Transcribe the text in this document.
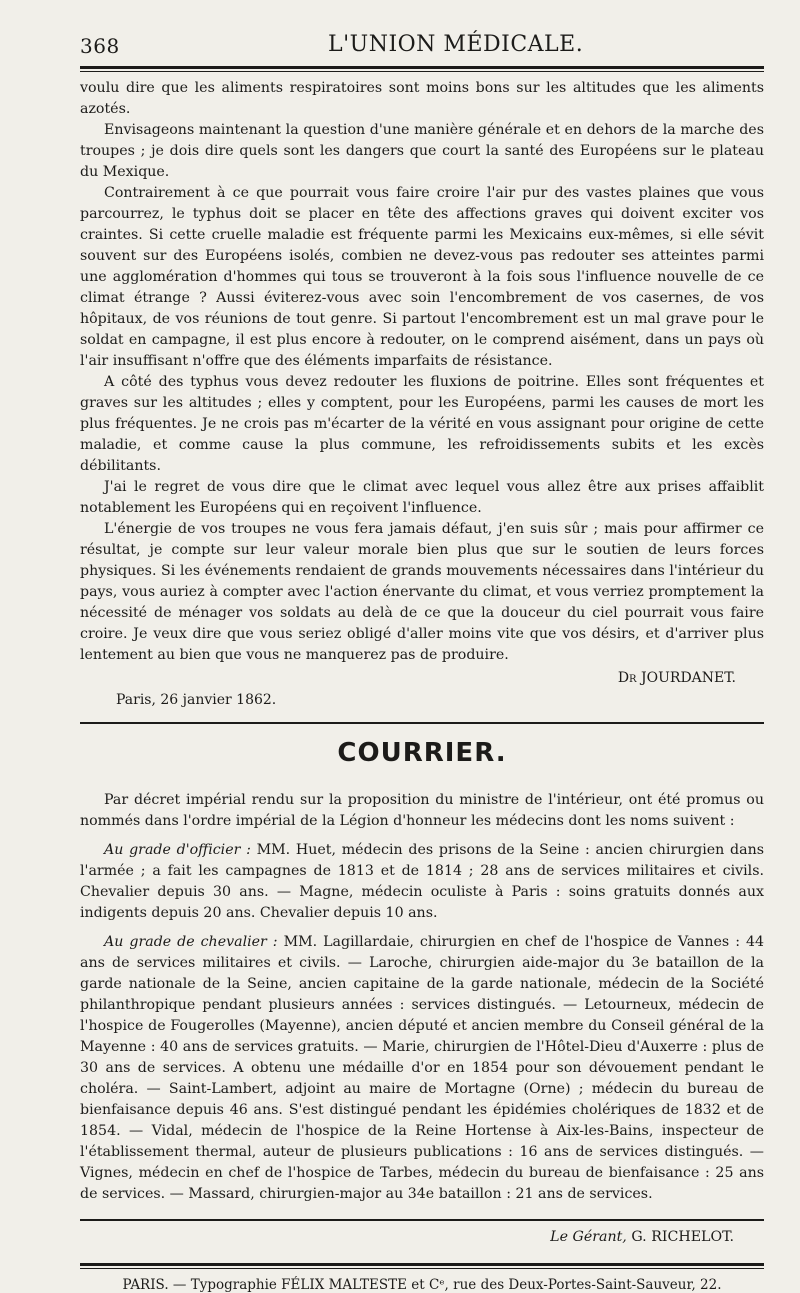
368	L'UNION MÉDICALE.

voulu dire que les aliments respiratoires sont moins bons sur les altitudes que les aliments azotés.

Envisageons maintenant la question d'une manière générale et en dehors de la marche des troupes ; je dois dire quels sont les dangers que court la santé des Européens sur le plateau du Mexique.

Contrairement à ce que pourrait vous faire croire l'air pur des vastes plaines que vous parcourrez, le typhus doit se placer en tête des affections graves qui doivent exciter vos craintes. Si cette cruelle maladie est fréquente parmi les Mexicains eux-mêmes, si elle sévit souvent sur des Européens isolés, combien ne devez-vous pas redouter ses atteintes parmi une agglomération d'hommes qui tous se trouveront à la fois sous l'influence nouvelle de ce climat étrange ? Aussi éviterez-vous avec soin l'encombrement de vos casernes, de vos hôpitaux, de vos réunions de tout genre. Si partout l'encombrement est un mal grave pour le soldat en campagne, il est plus encore à redouter, on le comprend aisément, dans un pays où l'air insuffisant n'offre que des éléments imparfaits de résistance.

A côté des typhus vous devez redouter les fluxions de poitrine. Elles sont fréquentes et graves sur les altitudes ; elles y comptent, pour les Européens, parmi les causes de mort les plus fréquentes. Je ne crois pas m'écarter de la vérité en vous assignant pour origine de cette maladie, et comme cause la plus commune, les refroidissements subits et les excès débilitants.

J'ai le regret de vous dire que le climat avec lequel vous allez être aux prises affaiblit notablement les Européens qui en reçoivent l'influence.

L'énergie de vos troupes ne vous fera jamais défaut, j'en suis sûr ; mais pour affirmer ce résultat, je compte sur leur valeur morale bien plus que sur le soutien de leurs forces physiques. Si les événements rendaient de grands mouvements nécessaires dans l'intérieur du pays, vous auriez à compter avec l'action énervante du climat, et vous verriez promptement la nécessité de ménager vos soldats au delà de ce que la douceur du ciel pourrait vous faire croire. Je veux dire que vous seriez obligé d'aller moins vite que vos désirs, et d'arriver plus lentement au bien que vous ne manquerez pas de produire.

Dr JOURDANET.
Paris, 26 janvier 1862.
COURRIER.

Par décret impérial rendu sur la proposition du ministre de l'intérieur, ont été promus ou nommés dans l'ordre impérial de la Légion d'honneur les médecins dont les noms suivent :

Au grade d'officier : MM. Huet, médecin des prisons de la Seine : ancien chirurgien dans l'armée ; a fait les campagnes de 1813 et de 1814 ; 28 ans de services militaires et civils. Chevalier depuis 30 ans. — Magne, médecin oculiste à Paris : soins gratuits donnés aux indigents depuis 20 ans. Chevalier depuis 10 ans.

Au grade de chevalier : MM. Lagillardaie, chirurgien en chef de l'hospice de Vannes : 44 ans de services militaires et civils. — Laroche, chirurgien aide-major du 3e bataillon de la garde nationale de la Seine, ancien capitaine de la garde nationale, médecin de la Société philanthropique pendant plusieurs années : services distingués. — Letourneux, médecin de l'hospice de Fougerolles (Mayenne), ancien député et ancien membre du Conseil général de la Mayenne : 40 ans de services gratuits. — Marie, chirurgien de l'Hôtel-Dieu d'Auxerre : plus de 30 ans de services. A obtenu une médaille d'or en 1854 pour son dévouement pendant le choléra. — Saint-Lambert, adjoint au maire de Mortagne (Orne) ; médecin du bureau de bienfaisance depuis 46 ans. S'est distingué pendant les épidémies cholériques de 1832 et de 1854. — Vidal, médecin de l'hospice de la Reine Hortense à Aix-les-Bains, inspecteur de l'établissement thermal, auteur de plusieurs publications : 16 ans de services distingués. — Vignes, médecin en chef de l'hospice de Tarbes, médecin du bureau de bienfaisance : 25 ans de services. — Massard, chirurgien-major au 34e bataillon : 21 ans de services.

Le Gérant, G. RICHELOT.
PARIS. — Typographie FÉLIX MALTESTE et Cᵉ, rue des Deux-Portes-Saint-Sauveur, 22.
